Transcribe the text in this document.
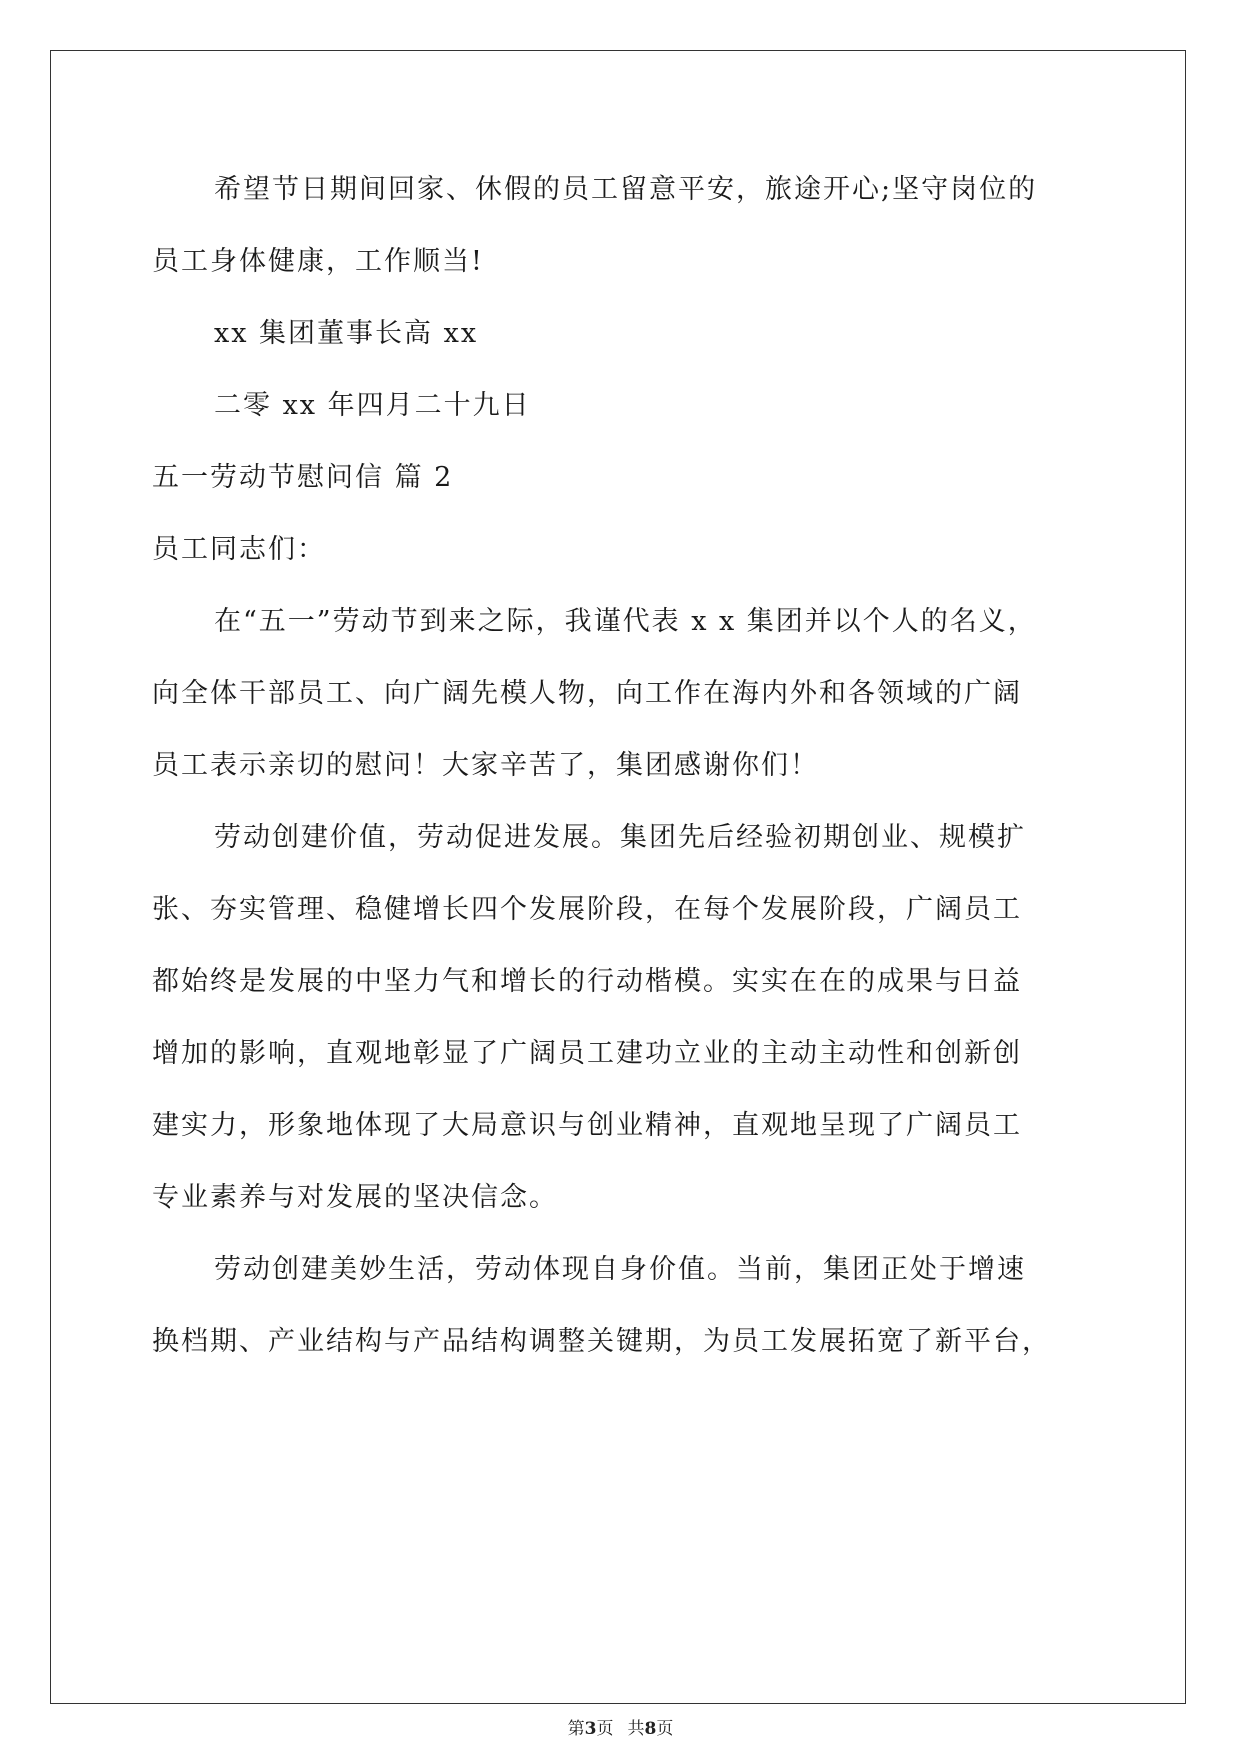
希望节日期间回家、休假的员工留意平安，旅途开心;坚守岗位的
员工身体健康，工作顺当!
xx 集团董事长高 xx
二零 xx 年四月二十九日
五一劳动节慰问信 篇 2
员工同志们：
在“五一”劳动节到来之际，我谨代表 x x 集团并以个人的名义，
向全体干部员工、向广阔先模人物，向工作在海内外和各领域的广阔
员工表示亲切的慰问！大家辛苦了，集团感谢你们！
劳动创建价值，劳动促进发展。集团先后经验初期创业、规模扩
张、夯实管理、稳健增长四个发展阶段，在每个发展阶段，广阔员工
都始终是发展的中坚力气和增长的行动楷模。实实在在的成果与日益
增加的影响，直观地彰显了广阔员工建功立业的主动主动性和创新创
建实力，形象地体现了大局意识与创业精神，直观地呈现了广阔员工
专业素养与对发展的坚决信念。
劳动创建美妙生活，劳动体现自身价值。当前，集团正处于增速
换档期、产业结构与产品结构调整关键期，为员工发展拓宽了新平台，
第3页 共8页
